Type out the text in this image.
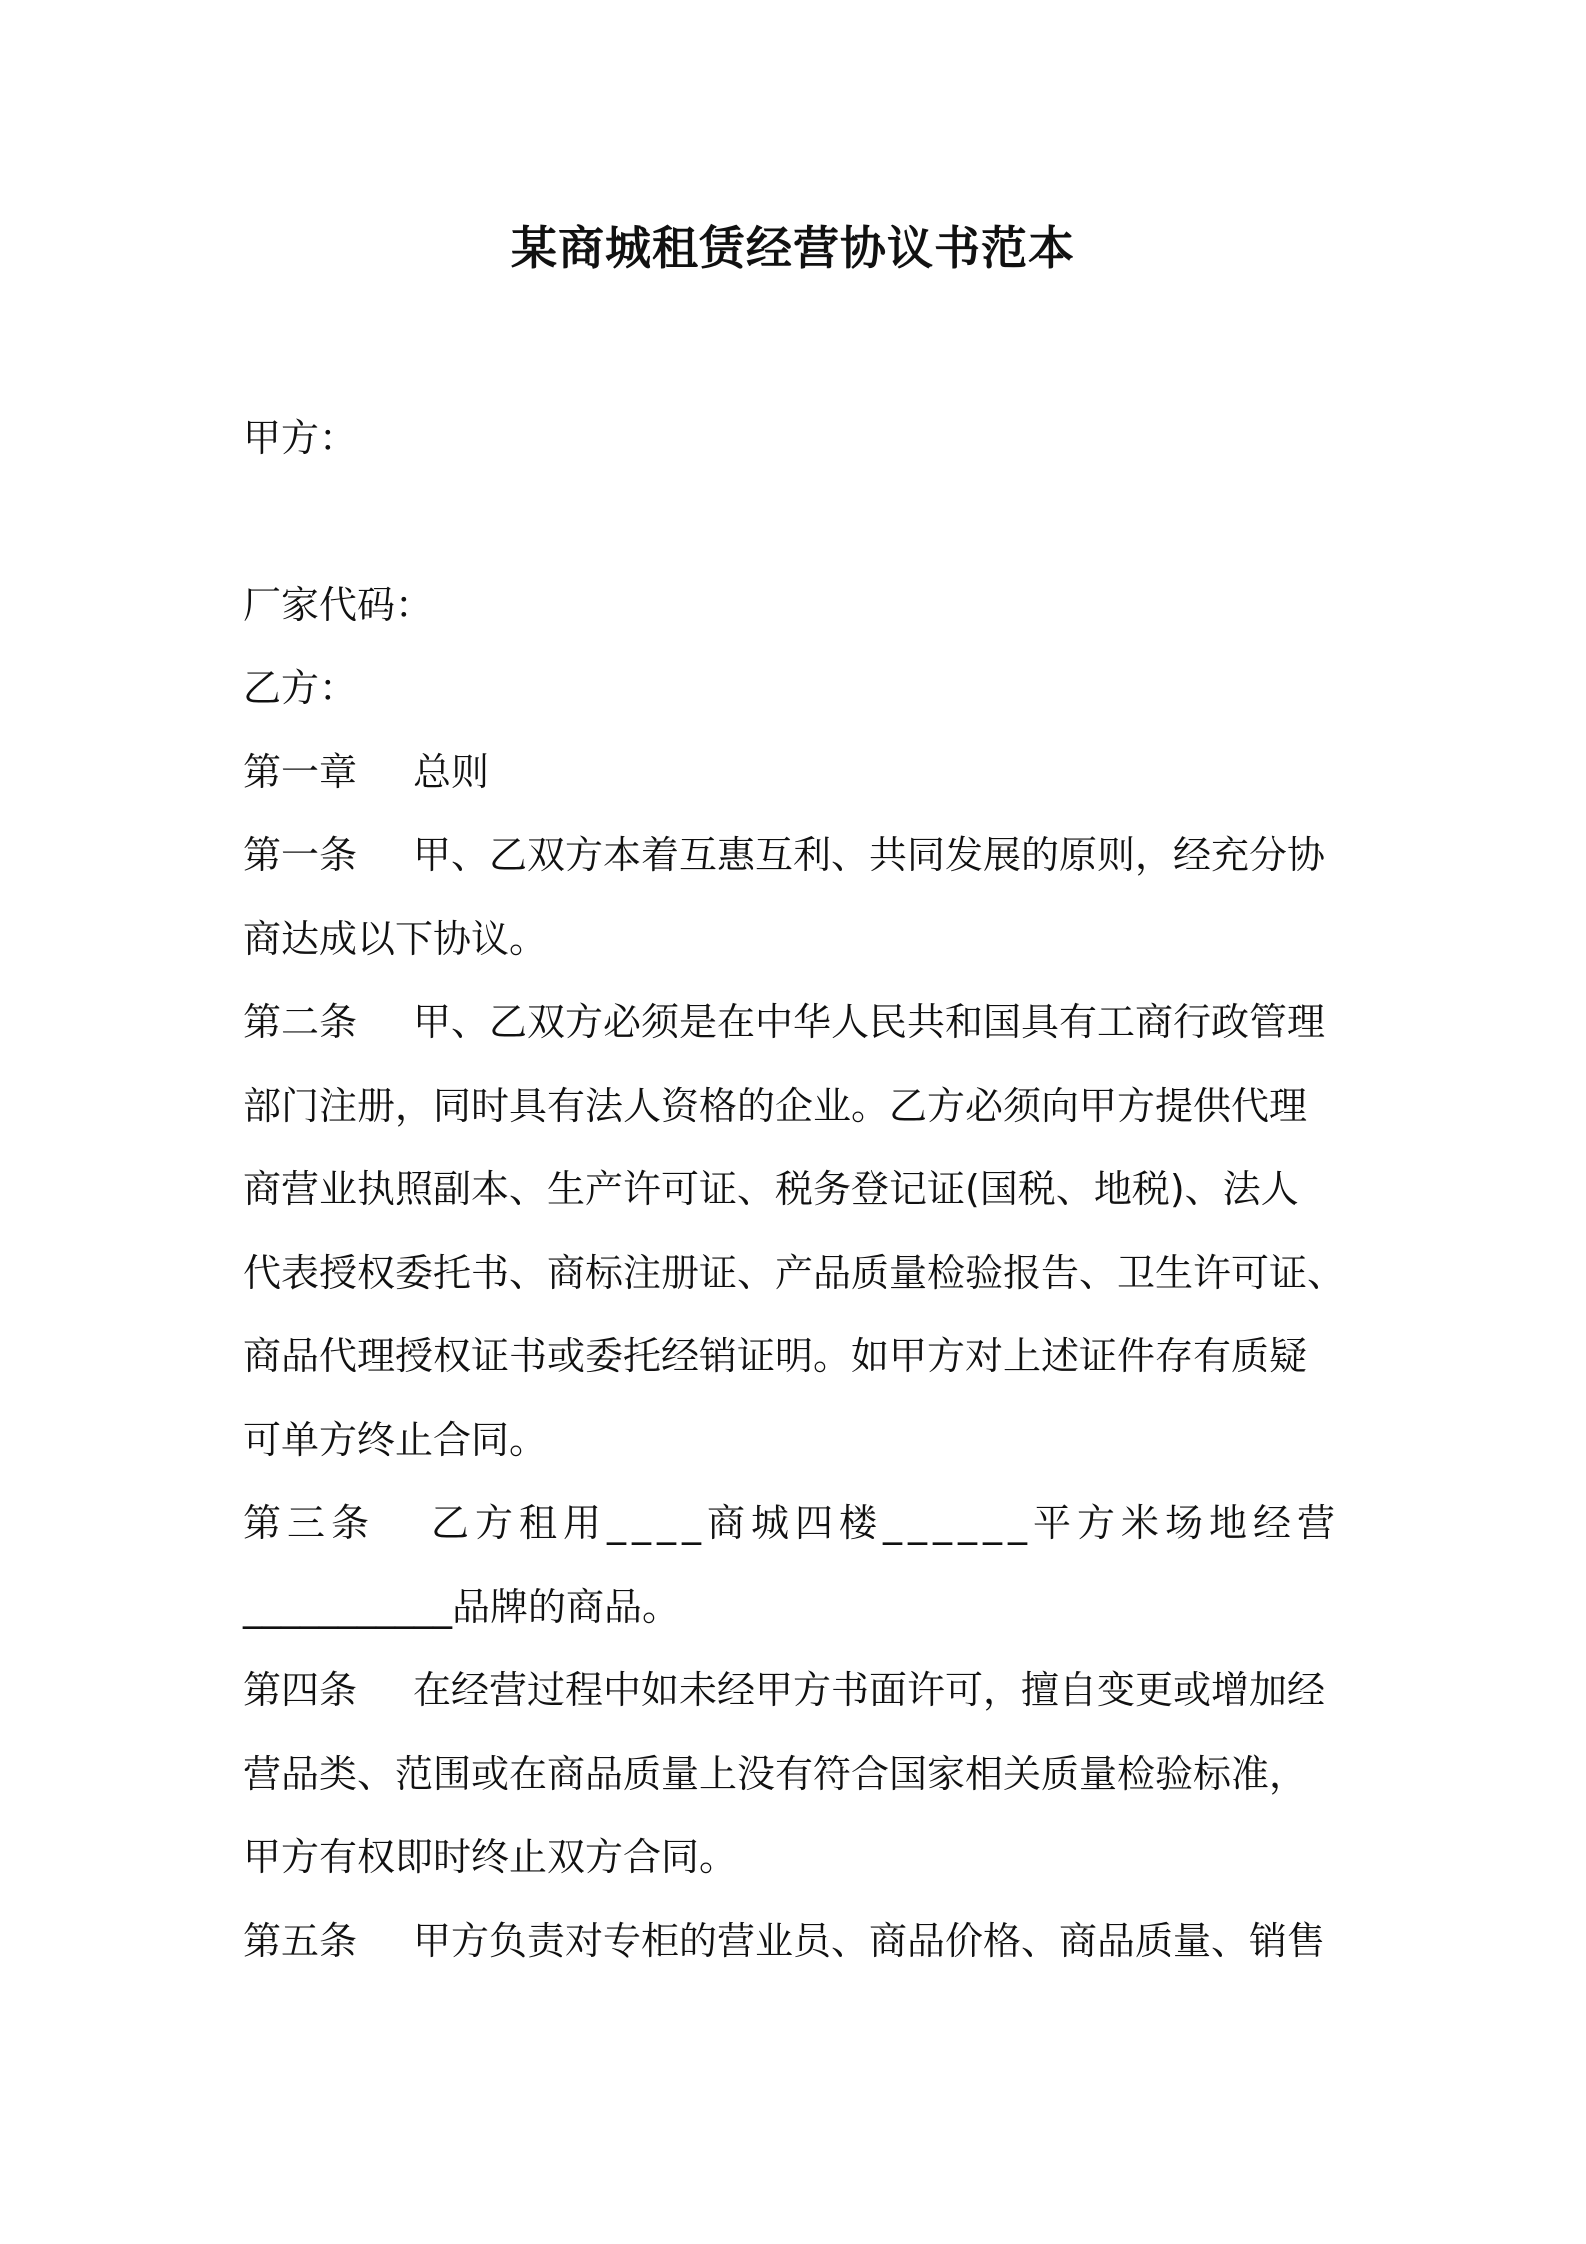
某商城租赁经营协议书范本
甲方：
厂家代码：
乙方：
第一章 总则
第一条 甲、乙双方本着互惠互利、共同发展的原则，经充分协
商达成以下协议。
第二条 甲、乙双方必须是在中华人民共和国具有工商行政管理
部门注册，同时具有法人资格的企业。乙方必须向甲方提供代理
商营业执照副本、生产许可证、税务登记证(国税、地税)、法人
代表授权委托书、商标注册证、产品质量检验报告、卫生许可证、
商品代理授权证书或委托经销证明。如甲方对上述证件存有质疑
可单方终止合同。
第三条 乙方租用____商城四楼______平方米场地经营
___________品牌的商品。
第四条 在经营过程中如未经甲方书面许可，擅自变更或增加经
营品类、范围或在商品质量上没有符合国家相关质量检验标准，
甲方有权即时终止双方合同。
第五条 甲方负责对专柜的营业员、商品价格、商品质量、销售
